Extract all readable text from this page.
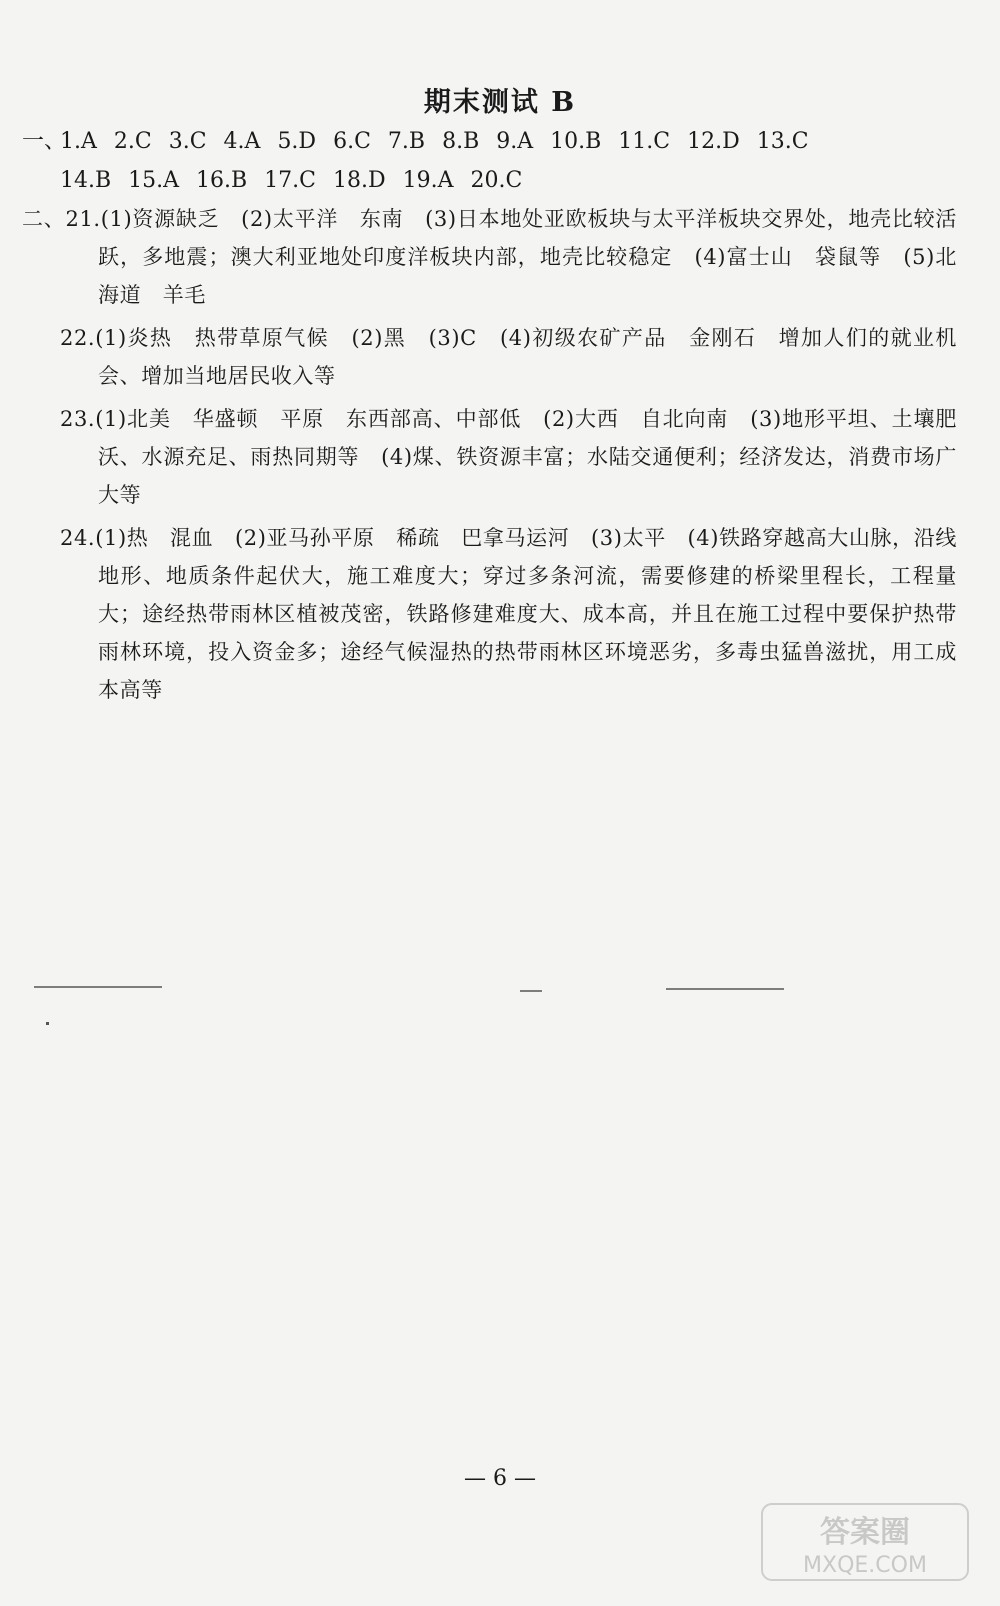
期末测试 B
一、1.A 2.C 3.C 4.A 5.D 6.C 7.B 8.B 9.A 10.B 11.C 12.D 13.C
14.B 15.A 16.B 17.C 18.D 19.A 20.C

二、21.(1)资源缺乏　(2)太平洋　东南　(3)日本地处亚欧板块与太平洋板块交界处，地壳比较活跃，多地震；澳大利亚地处印度洋板块内部，地壳比较稳定　(4)富士山　袋鼠等　(5)北海道　羊毛

22.(1)炎热　热带草原气候　(2)黑　(3)C　(4)初级农矿产品　金刚石　增加人们的就业机会、增加当地居民收入等

23.(1)北美　华盛顿　平原　东西部高、中部低　(2)大西　自北向南　(3)地形平坦、土壤肥沃、水源充足、雨热同期等　(4)煤、铁资源丰富；水陆交通便利；经济发达，消费市场广大等

24.(1)热　混血　(2)亚马孙平原　稀疏　巴拿马运河　(3)太平　(4)铁路穿越高大山脉，沿线地形、地质条件起伏大，施工难度大；穿过多条河流，需要修建的桥梁里程长，工程量大；途经热带雨林区植被茂密，铁路修建难度大、成本高，并且在施工过程中要保护热带雨林环境，投入资金多；途经气候湿热的热带雨林区环境恶劣，多毒虫猛兽滋扰，用工成本高等

— 6 —
答案圈
MXQE.COM
